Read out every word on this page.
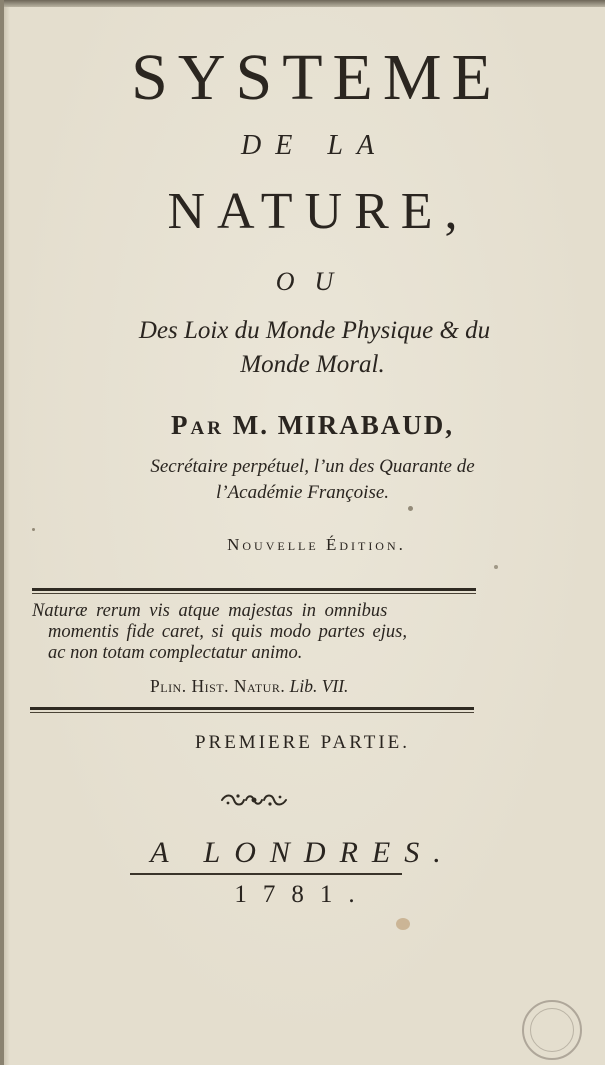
SYSTEME
DE LA
NATURE,
OU
Des Loix du Monde Physique & du
Monde Moral.
Par M. MIRABAUD,
Secrétaire perpétuel, l’un des Quarante de
l’Académie Françoise.
Nouvelle Édition.
Naturæ rerum vis atque majestas in omnibus
momentis fide caret, si quis modo partes ejus,
ac non totam complectatur animo.
Plin. Hist. Natur. Lib. VII.
PREMIERE PARTIE.
A LONDRES.
1781.
